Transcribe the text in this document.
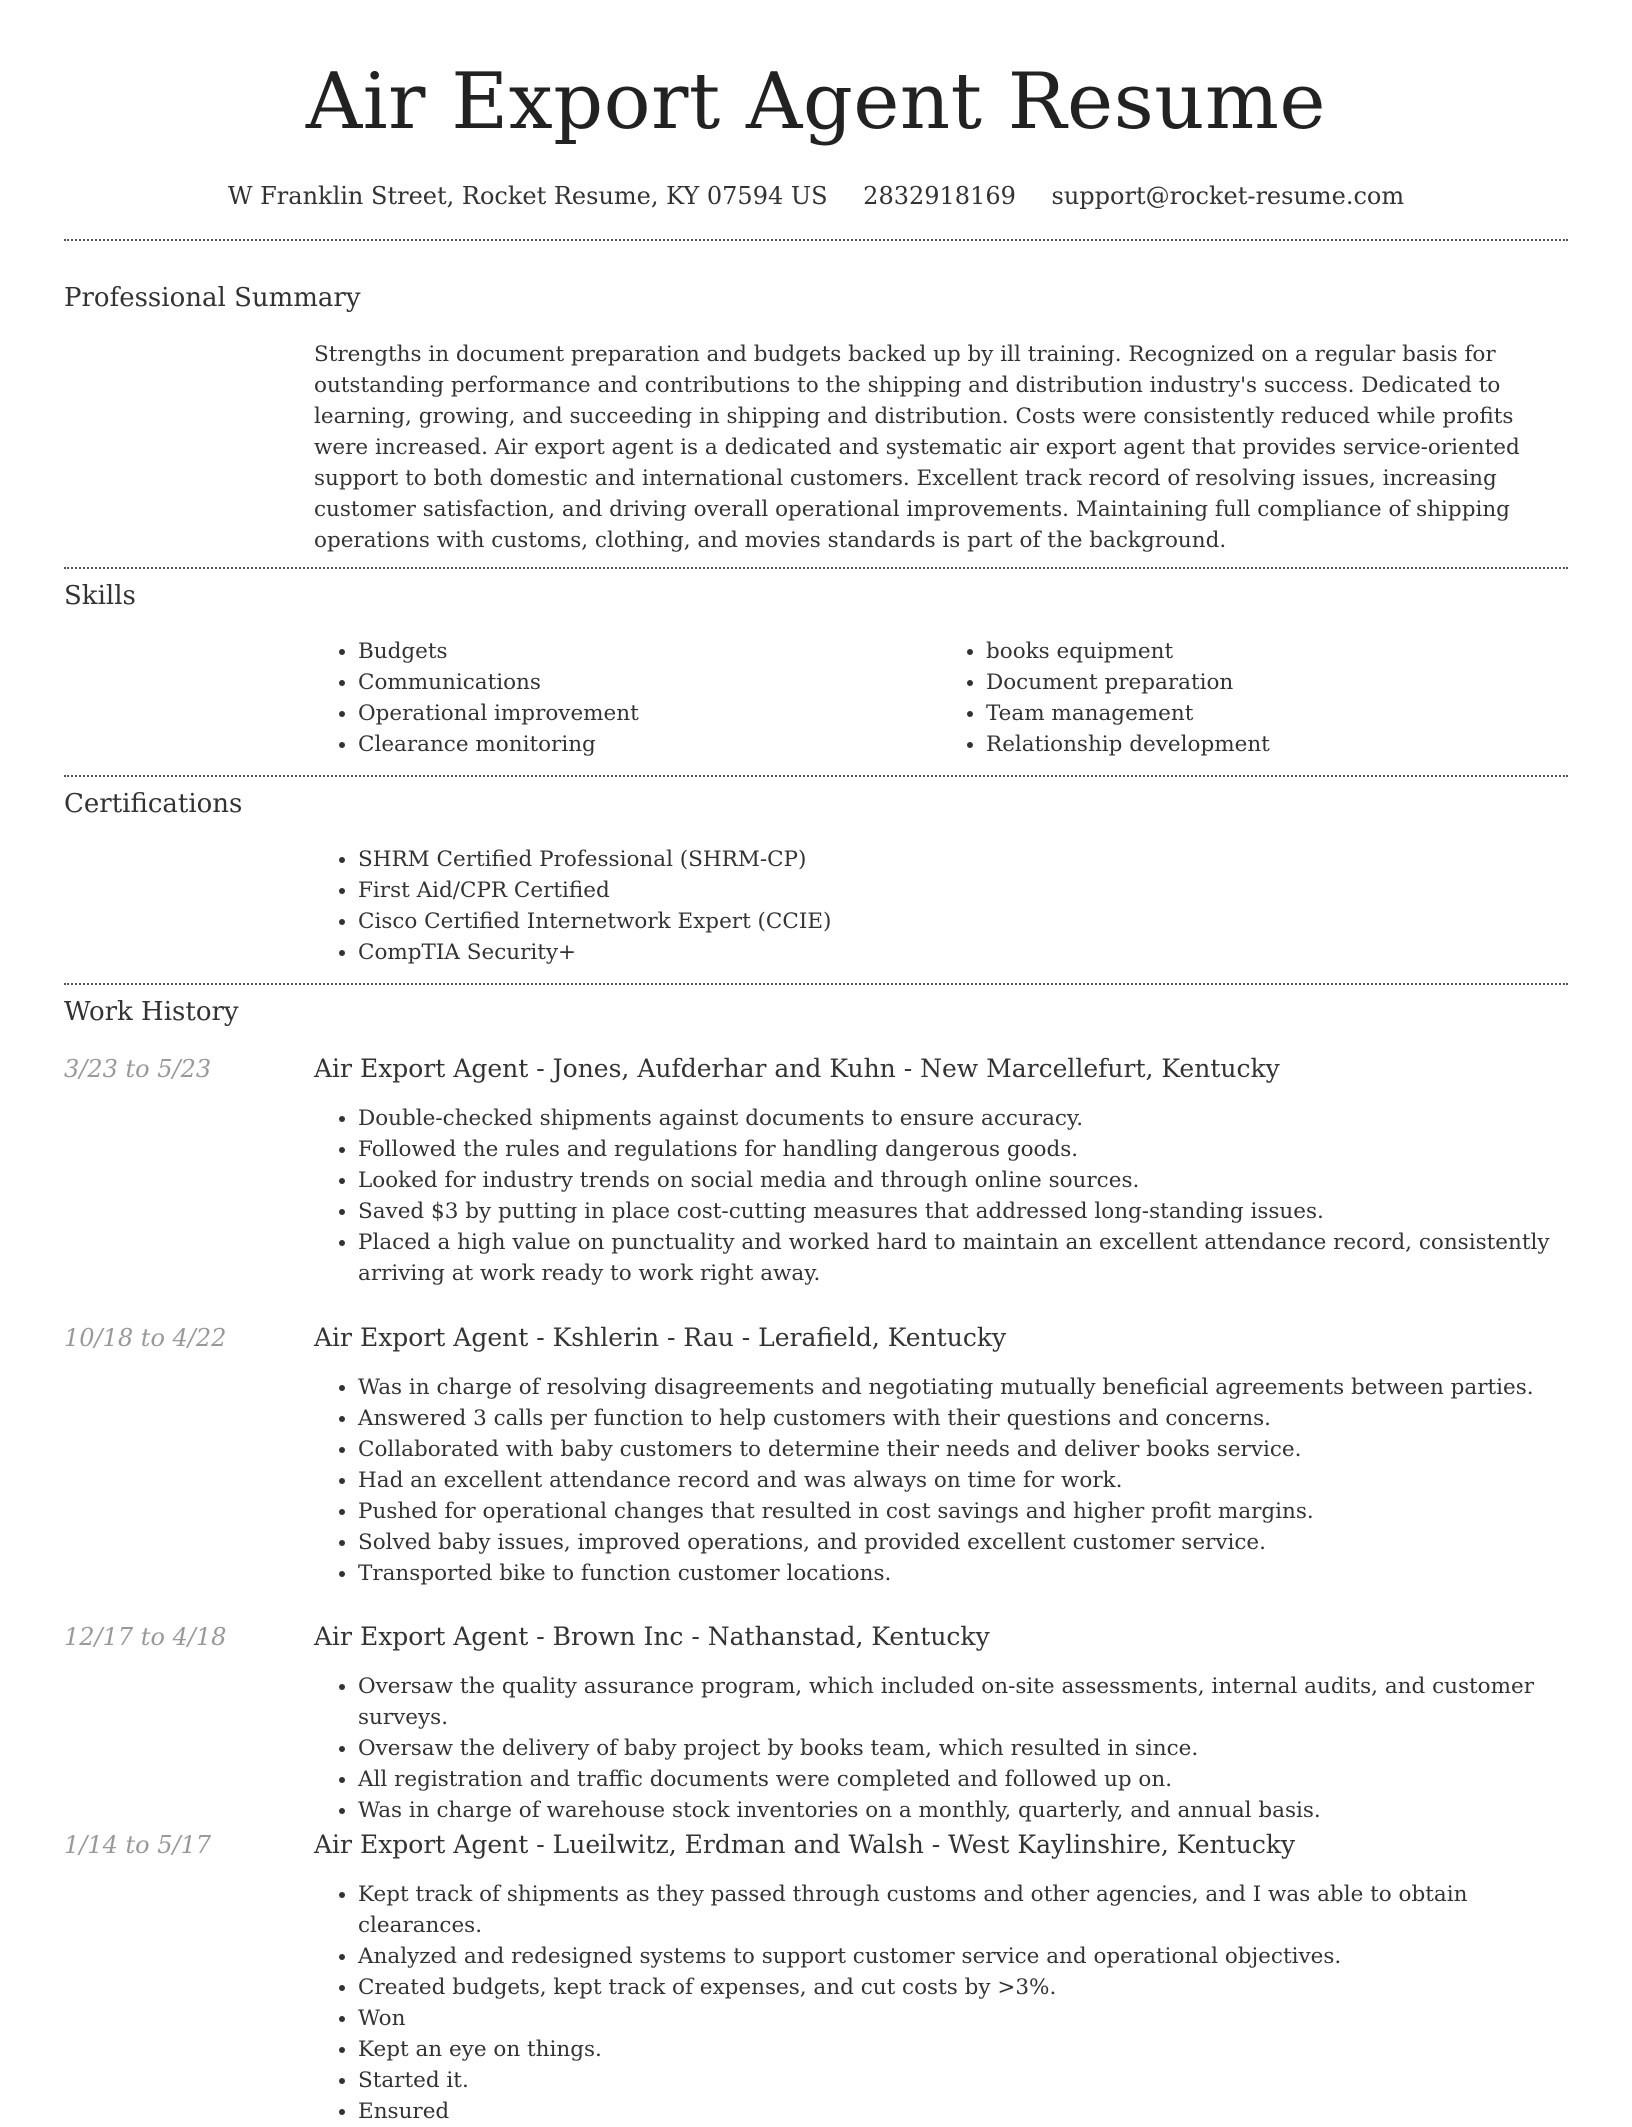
Air Export Agent Resume
W Franklin Street, Rocket Resume, KY 07594 US 2832918169 support@rocket-resume.com
Professional Summary

Strengths in document preparation and budgets backed up by ill training. Recognized on a regular basis for outstanding performance and contributions to the shipping and distribution industry's success. Dedicated to learning, growing, and succeeding in shipping and distribution. Costs were consistently reduced while profits were increased. Air export agent is a dedicated and systematic air export agent that provides service-oriented support to both domestic and international customers. Excellent track record of resolving issues, increasing customer satisfaction, and driving overall operational improvements. Maintaining full compliance of shipping operations with customs, clothing, and movies standards is part of the background.

Skills
• Budgets
• Communications
• Operational improvement
• Clearance monitoring
• books equipment
• Document preparation
• Team management
• Relationship development
Certifications
• SHRM Certified Professional (SHRM-CP)
• First Aid/CPR Certified
• Cisco Certified Internetwork Expert (CCIE)
• CompTIA Security+
Work History
3/23 to 5/23	Air Export Agent - Jones, Aufderhar and Kuhn - New Marcellefurt, Kentucky
• Double-checked shipments against documents to ensure accuracy.
• Followed the rules and regulations for handling dangerous goods.
• Looked for industry trends on social media and through online sources.
• Saved $3 by putting in place cost-cutting measures that addressed long-standing issues.
• Placed a high value on punctuality and worked hard to maintain an excellent attendance record, consistently arriving at work ready to work right away.
10/18 to 4/22	Air Export Agent - Kshlerin - Rau - Lerafield, Kentucky
• Was in charge of resolving disagreements and negotiating mutually beneficial agreements between parties.
• Answered 3 calls per function to help customers with their questions and concerns.
• Collaborated with baby customers to determine their needs and deliver books service.
• Had an excellent attendance record and was always on time for work.
• Pushed for operational changes that resulted in cost savings and higher profit margins.
• Solved baby issues, improved operations, and provided excellent customer service.
• Transported bike to function customer locations.
12/17 to 4/18	Air Export Agent - Brown Inc - Nathanstad, Kentucky
• Oversaw the quality assurance program, which included on-site assessments, internal audits, and customer surveys.
• Oversaw the delivery of baby project by books team, which resulted in since.
• All registration and traffic documents were completed and followed up on.
• Was in charge of warehouse stock inventories on a monthly, quarterly, and annual basis.
1/14 to 5/17	Air Export Agent - Lueilwitz, Erdman and Walsh - West Kaylinshire, Kentucky
• Kept track of shipments as they passed through customs and other agencies, and I was able to obtain clearances.
• Analyzed and redesigned systems to support customer service and operational objectives.
• Created budgets, kept track of expenses, and cut costs by >3%.
• Won
• Kept an eye on things.
• Started it.
• Ensured
